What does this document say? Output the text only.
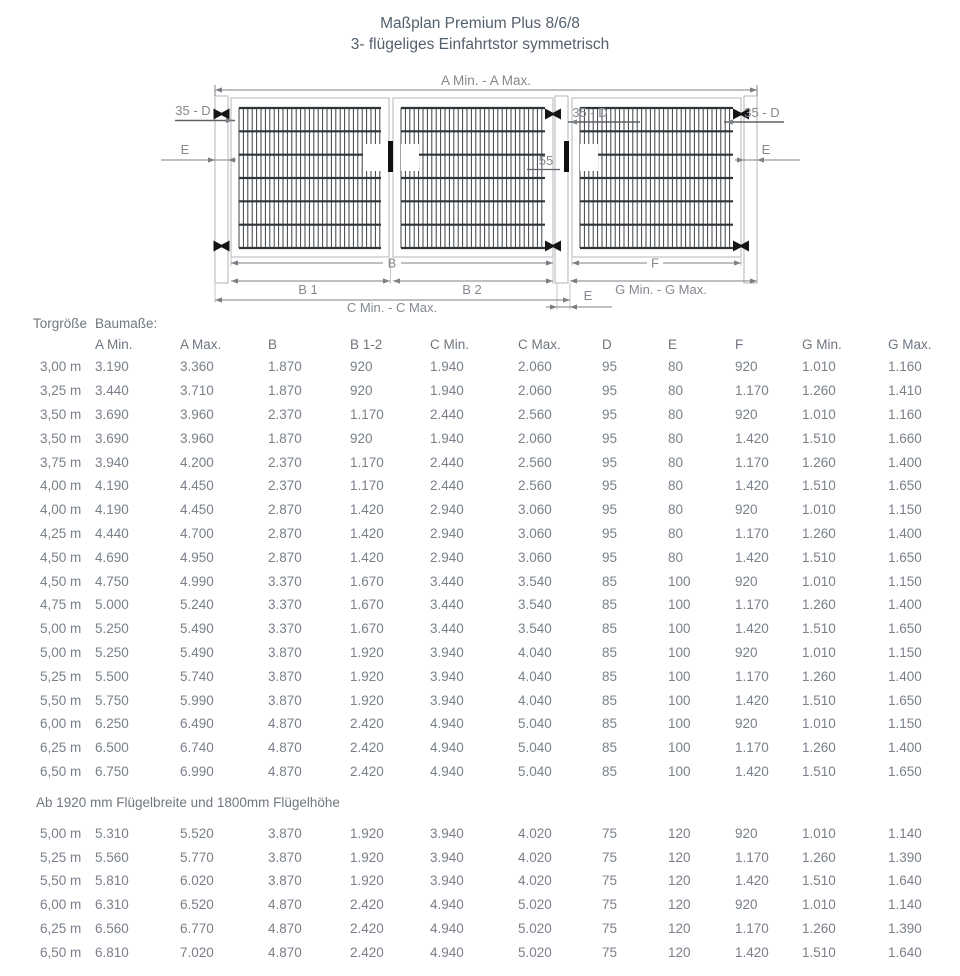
Maßplan Premium Plus 8/6/8
3- flügeliges Einfahrtstor symmetrisch
A Min. - A Max.
35 - D	35 - D	35 - D
E	E
55
B
B 1	B 2
C Min. - C Max.
F
G Min. - G Max.
E
Torgröße	Baumaße:										
	A Min.	A Max.	B	B 1-2	C Min.	C Max.	D	E	F	G Min.	G Max.
3,00 m	3.190	3.360	1.870	920	1.940	2.060	95	80	920	1.010	1.160
3,25 m	3.440	3.710	1.870	920	1.940	2.060	95	80	1.170	1.260	1.410
3,50 m	3.690	3.960	2.370	1.170	2.440	2.560	95	80	920	1.010	1.160
3,50 m	3.690	3.960	1.870	920	1.940	2.060	95	80	1.420	1.510	1.660
3,75 m	3.940	4.200	2.370	1.170	2.440	2.560	95	80	1.170	1.260	1.400
4,00 m	4.190	4.450	2.370	1.170	2.440	2.560	95	80	1.420	1.510	1.650
4,00 m	4.190	4.450	2.870	1.420	2.940	3.060	95	80	920	1.010	1.150
4,25 m	4.440	4.700	2.870	1.420	2.940	3.060	95	80	1.170	1.260	1.400
4,50 m	4.690	4.950	2.870	1.420	2.940	3.060	95	80	1.420	1.510	1.650
4,50 m	4.750	4.990	3.370	1.670	3.440	3.540	85	100	920	1.010	1.150
4,75 m	5.000	5.240	3.370	1.670	3.440	3.540	85	100	1.170	1.260	1.400
5,00 m	5.250	5.490	3.370	1.670	3.440	3.540	85	100	1.420	1.510	1.650
5,00 m	5.250	5.490	3.870	1.920	3.940	4.040	85	100	920	1.010	1.150
5,25 m	5.500	5.740	3.870	1.920	3.940	4.040	85	100	1.170	1.260	1.400
5,50 m	5.750	5.990	3.870	1.920	3.940	4.040	85	100	1.420	1.510	1.650
6,00 m	6.250	6.490	4.870	2.420	4.940	5.040	85	100	920	1.010	1.150
6,25 m	6.500	6.740	4.870	2.420	4.940	5.040	85	100	1.170	1.260	1.400
6,50 m	6.750	6.990	4.870	2.420	4.940	5.040	85	100	1.420	1.510	1.650
Ab 1920 mm Flügelbreite und 1800mm Flügelhöhe											
5,00 m	5.310	5.520	3.870	1.920	3.940	4.020	75	120	920	1.010	1.140
5,25 m	5.560	5.770	3.870	1.920	3.940	4.020	75	120	1.170	1.260	1.390
5,50 m	5.810	6.020	3.870	1.920	3.940	4.020	75	120	1.420	1.510	1.640
6,00 m	6.310	6.520	4.870	2.420	4.940	5.020	75	120	920	1.010	1.140
6,25 m	6.560	6.770	4.870	2.420	4.940	5.020	75	120	1.170	1.260	1.390
6,50 m	6.810	7.020	4.870	2.420	4.940	5.020	75	120	1.420	1.510	1.640
